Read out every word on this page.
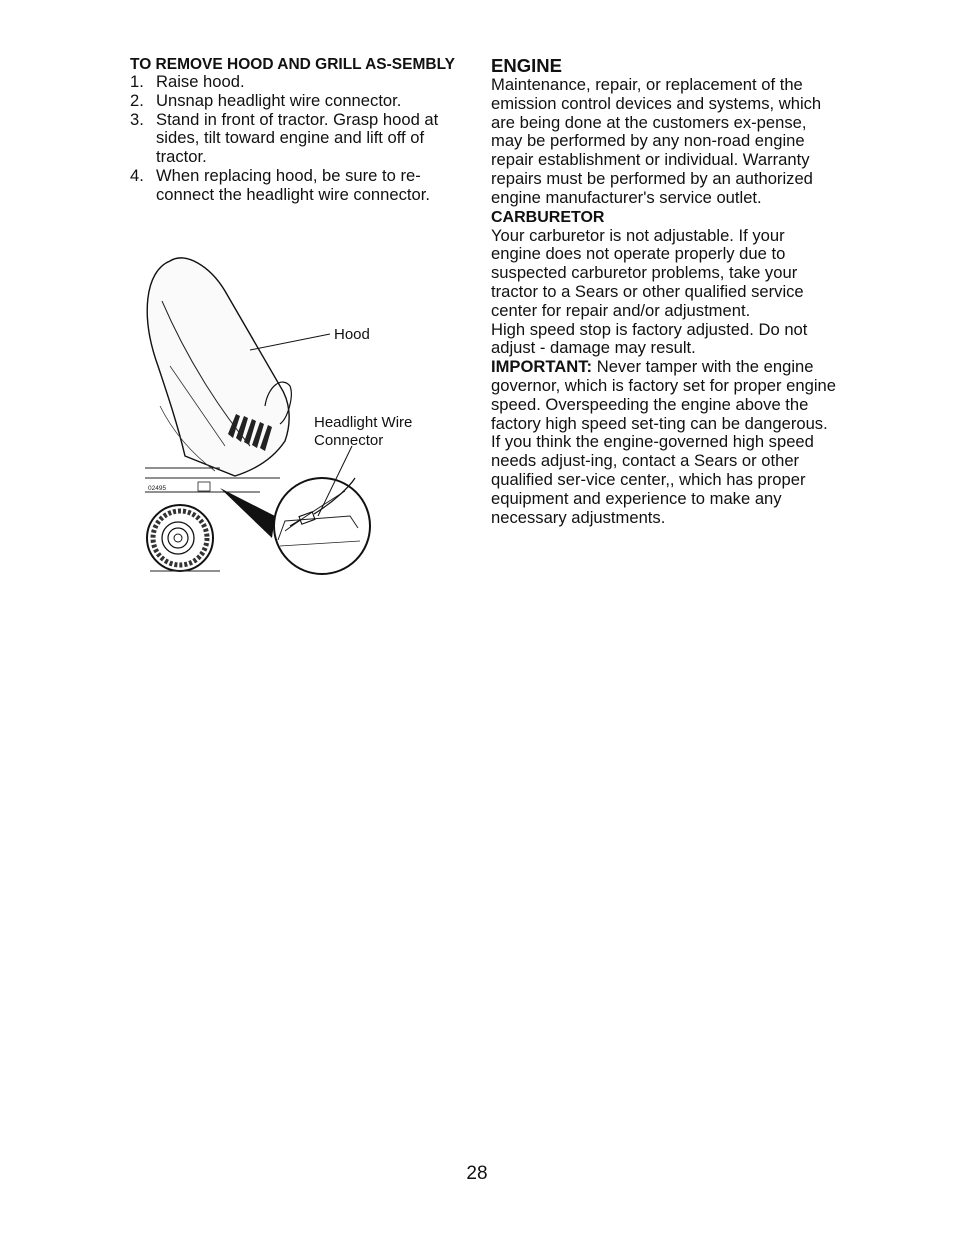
TO REMOVE HOOD AND GRILL AS-SEMBLY
1. Raise hood.
2. Unsnap headlight wire connector.
3. Stand in front of tractor. Grasp hood at sides, tilt toward engine and lift off of tractor.
4. When replacing hood, be sure to re-connect the headlight wire connector.
02495
Hood
Headlight Wire
Connector
ENGINE

Maintenance, repair, or replacement of the emission control devices and systems, which are being done at the customers ex-pense, may be performed by any non-road engine repair establishment or individual. Warranty repairs must be performed by an authorized engine manufacturer's service outlet.

CARBURETOR

Your carburetor is not adjustable. If your engine does not operate properly due to suspected carburetor problems, take your tractor to a Sears or other qualified service center for repair and/or adjustment.

High speed stop is factory adjusted. Do not adjust - damage may result.

IMPORTANT: Never tamper with the engine governor, which is factory set for proper engine speed. Overspeeding the engine above the factory high speed set-ting can be dangerous. If you think the engine-governed high speed needs adjust-ing, contact a Sears or other qualified ser-vice center,, which has proper equipment and experience to make any necessary adjustments.

28
